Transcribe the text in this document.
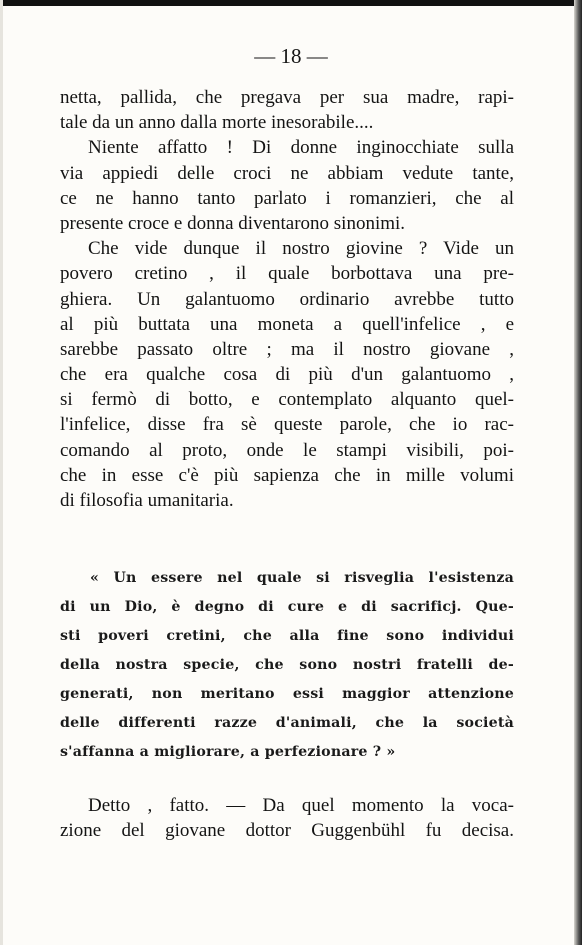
— 18 —
netta, pallida, che pregava per sua madre, rapi-
tale da un anno dalla morte inesorabile....
Niente affatto ! Di donne inginocchiate sulla
via appiedi delle croci ne abbiam vedute tante,
ce ne hanno tanto parlato i romanzieri, che al
presente croce e donna diventarono sinonimi.
Che vide dunque il nostro giovine ? Vide un
povero cretino , il quale borbottava una pre-
ghiera. Un galantuomo ordinario avrebbe tutto
al più buttata una moneta a quell'infelice , e
sarebbe passato oltre ; ma il nostro giovane ,
che era qualche cosa di più d'un galantuomo ,
si fermò di botto, e contemplato alquanto quel-
l'infelice, disse fra sè queste parole, che io rac-
comando al proto, onde le stampi visibili, poi-
che in esse c'è più sapienza che in mille volumi
di filosofia umanitaria.
« Un essere nel quale si risveglia l'esistenza
di un Dio, è degno di cure e di sacrificj. Que-
sti poveri cretini, che alla fine sono individui
della nostra specie, che sono nostri fratelli de-
generati, non meritano essi maggior attenzione
delle differenti razze d'animali, che la società
s'affanna a migliorare, a perfezionare ? »
Detto , fatto. — Da quel momento la voca-
zione del giovane dottor Guggenbühl fu decisa.
